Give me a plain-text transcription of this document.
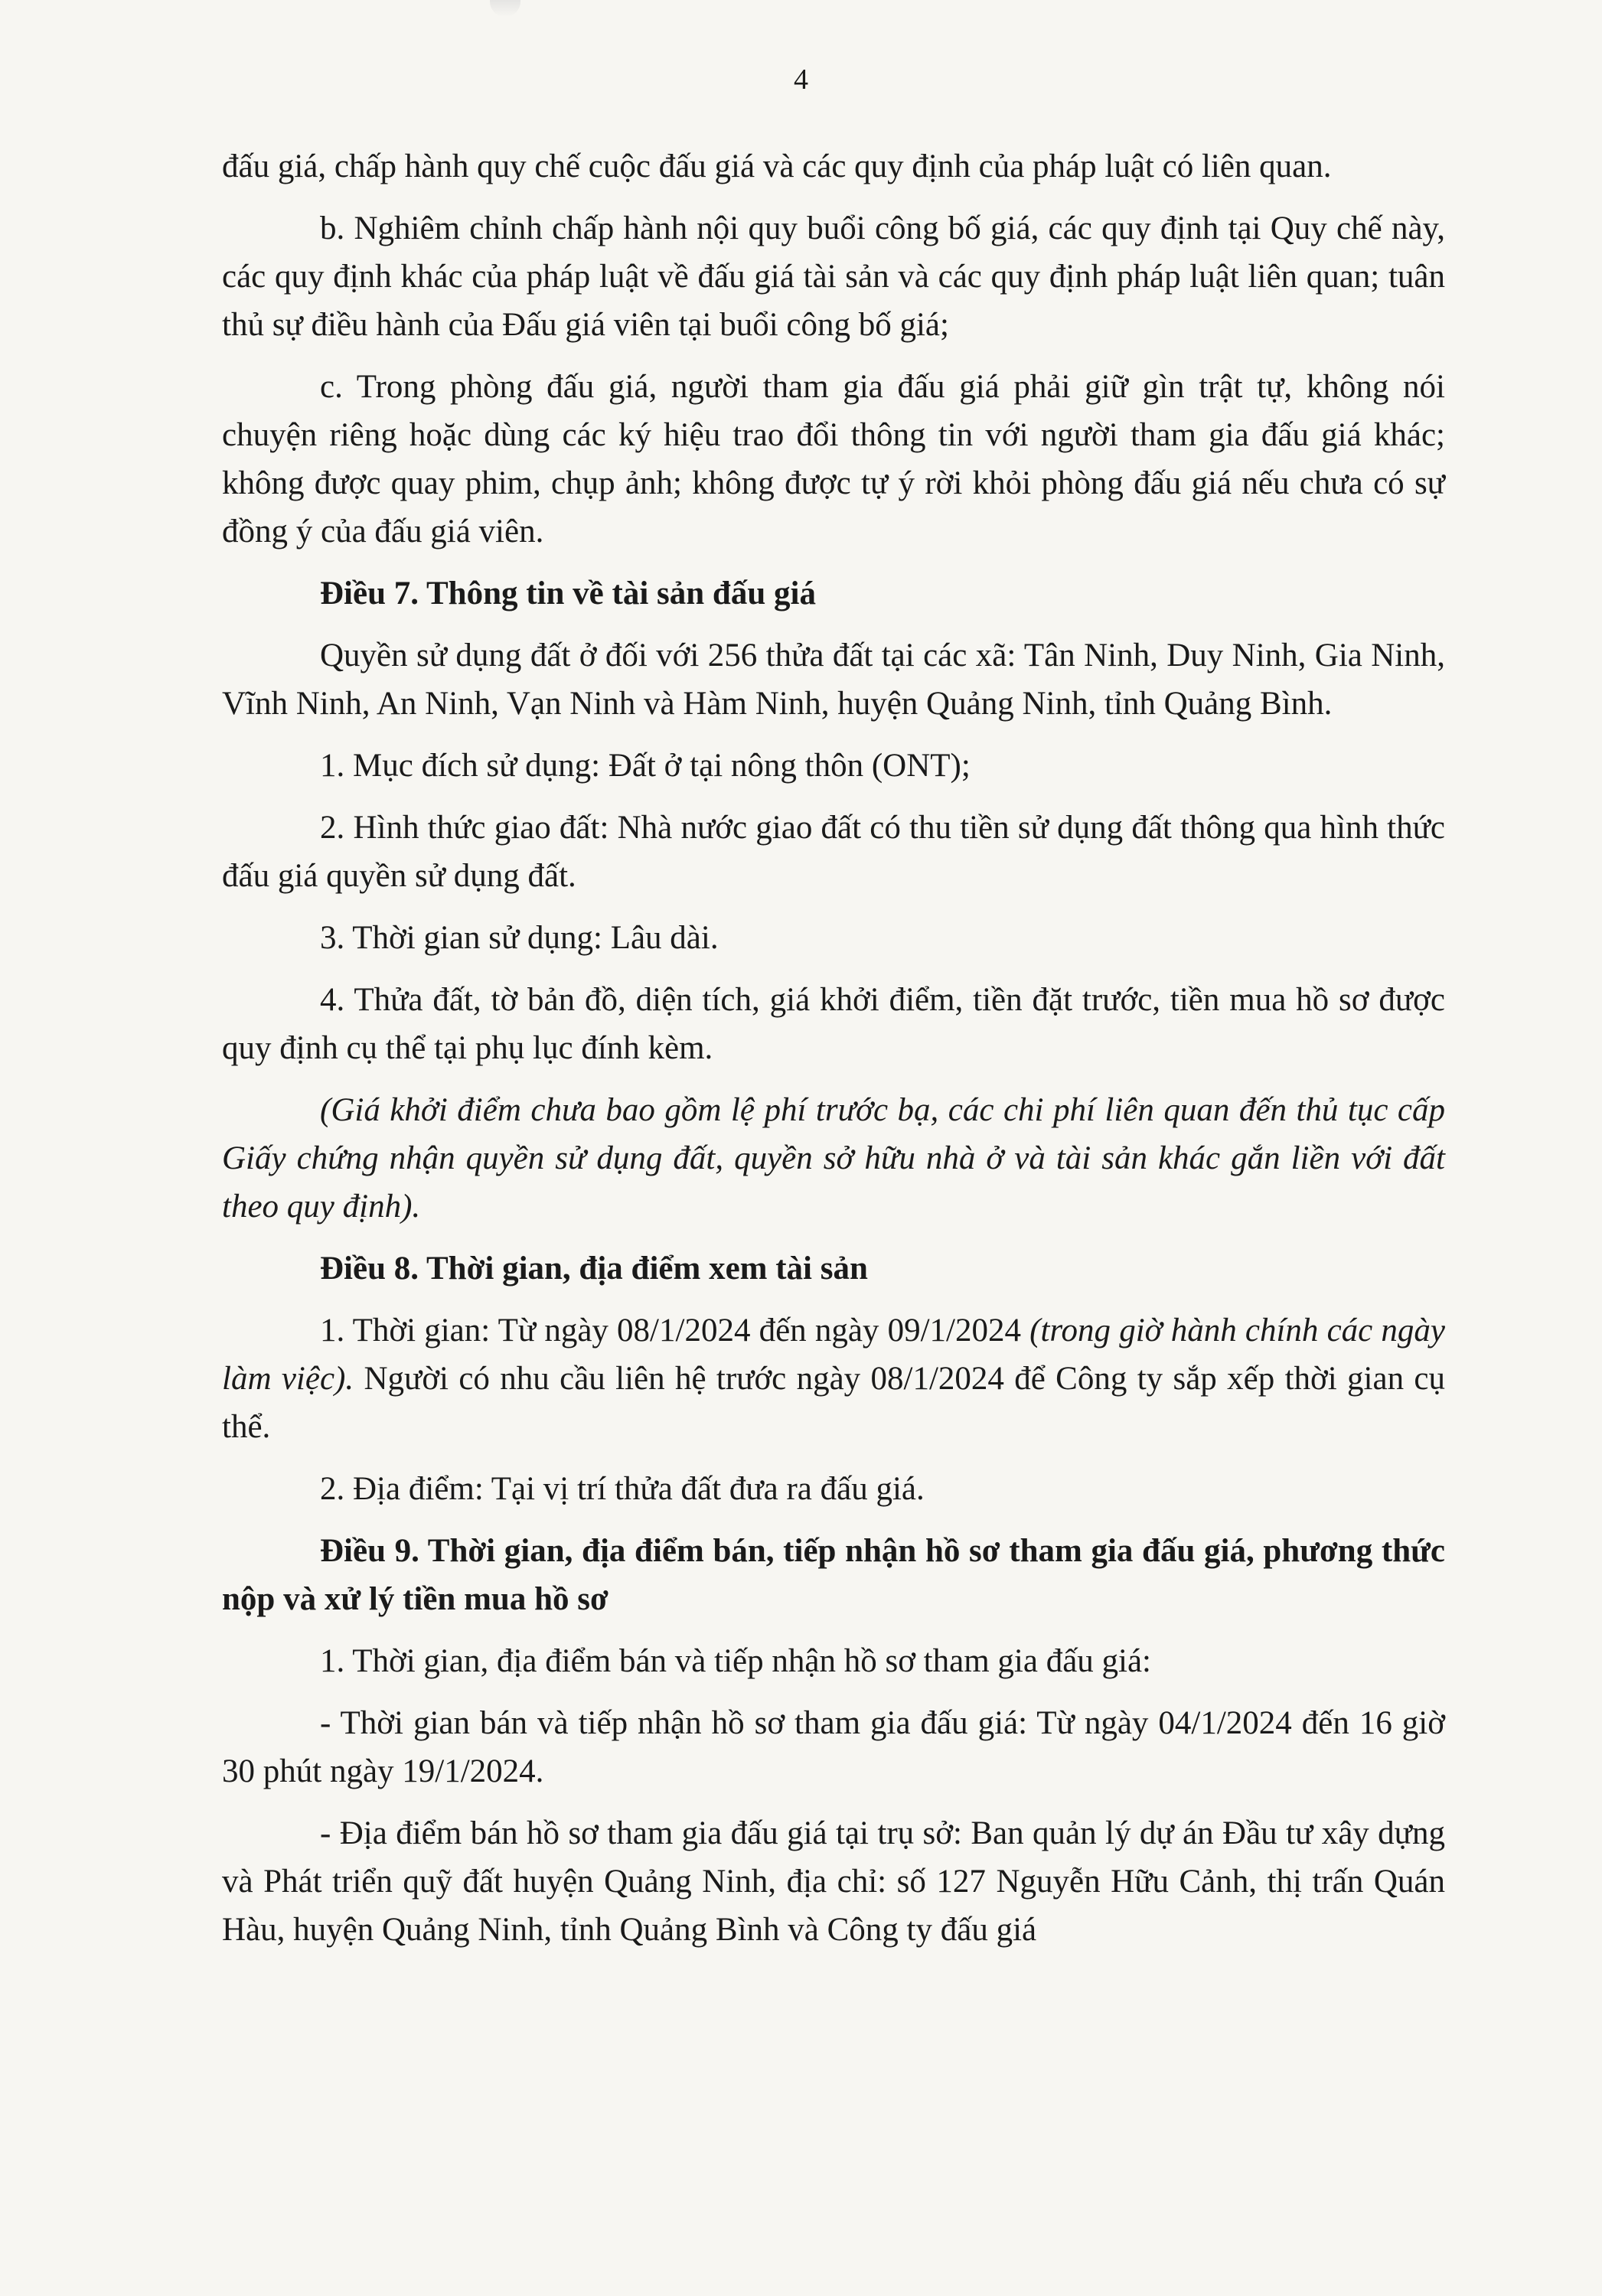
4

đấu giá, chấp hành quy chế cuộc đấu giá và các quy định của pháp luật có liên quan.

b. Nghiêm chỉnh chấp hành nội quy buổi công bố giá, các quy định tại Quy chế này, các quy định khác của pháp luật về đấu giá tài sản và các quy định pháp luật liên quan; tuân thủ sự điều hành của Đấu giá viên tại buổi công bố giá;

c. Trong phòng đấu giá, người tham gia đấu giá phải giữ gìn trật tự, không nói chuyện riêng hoặc dùng các ký hiệu trao đổi thông tin với người tham gia đấu giá khác; không được quay phim, chụp ảnh; không được tự ý rời khỏi phòng đấu giá nếu chưa có sự đồng ý của đấu giá viên.

Điều 7. Thông tin về tài sản đấu giá

Quyền sử dụng đất ở đối với 256 thửa đất tại các xã: Tân Ninh, Duy Ninh, Gia Ninh, Vĩnh Ninh, An Ninh, Vạn Ninh và Hàm Ninh, huyện Quảng Ninh, tỉnh Quảng Bình.

1. Mục đích sử dụng: Đất ở tại nông thôn (ONT);

2. Hình thức giao đất: Nhà nước giao đất có thu tiền sử dụng đất thông qua hình thức đấu giá quyền sử dụng đất.

3. Thời gian sử dụng: Lâu dài.

4. Thửa đất, tờ bản đồ, diện tích, giá khởi điểm, tiền đặt trước, tiền mua hồ sơ được quy định cụ thể tại phụ lục đính kèm.

(Giá khởi điểm chưa bao gồm lệ phí trước bạ, các chi phí liên quan đến thủ tục cấp Giấy chứng nhận quyền sử dụng đất, quyền sở hữu nhà ở và tài sản khác gắn liền với đất theo quy định).

Điều 8. Thời gian, địa điểm xem tài sản

1. Thời gian: Từ ngày 08/1/2024 đến ngày 09/1/2024 (trong giờ hành chính các ngày làm việc). Người có nhu cầu liên hệ trước ngày 08/1/2024 để Công ty sắp xếp thời gian cụ thể.

2. Địa điểm: Tại vị trí thửa đất đưa ra đấu giá.

Điều 9. Thời gian, địa điểm bán, tiếp nhận hồ sơ tham gia đấu giá, phương thức nộp và xử lý tiền mua hồ sơ

1. Thời gian, địa điểm bán và tiếp nhận hồ sơ tham gia đấu giá:

- Thời gian bán và tiếp nhận hồ sơ tham gia đấu giá: Từ ngày 04/1/2024 đến 16 giờ 30 phút ngày 19/1/2024.

- Địa điểm bán hồ sơ tham gia đấu giá tại trụ sở: Ban quản lý dự án Đầu tư xây dựng và Phát triển quỹ đất huyện Quảng Ninh, địa chỉ: số 127 Nguyễn Hữu Cảnh, thị trấn Quán Hàu, huyện Quảng Ninh, tỉnh Quảng Bình và Công ty đấu giá
